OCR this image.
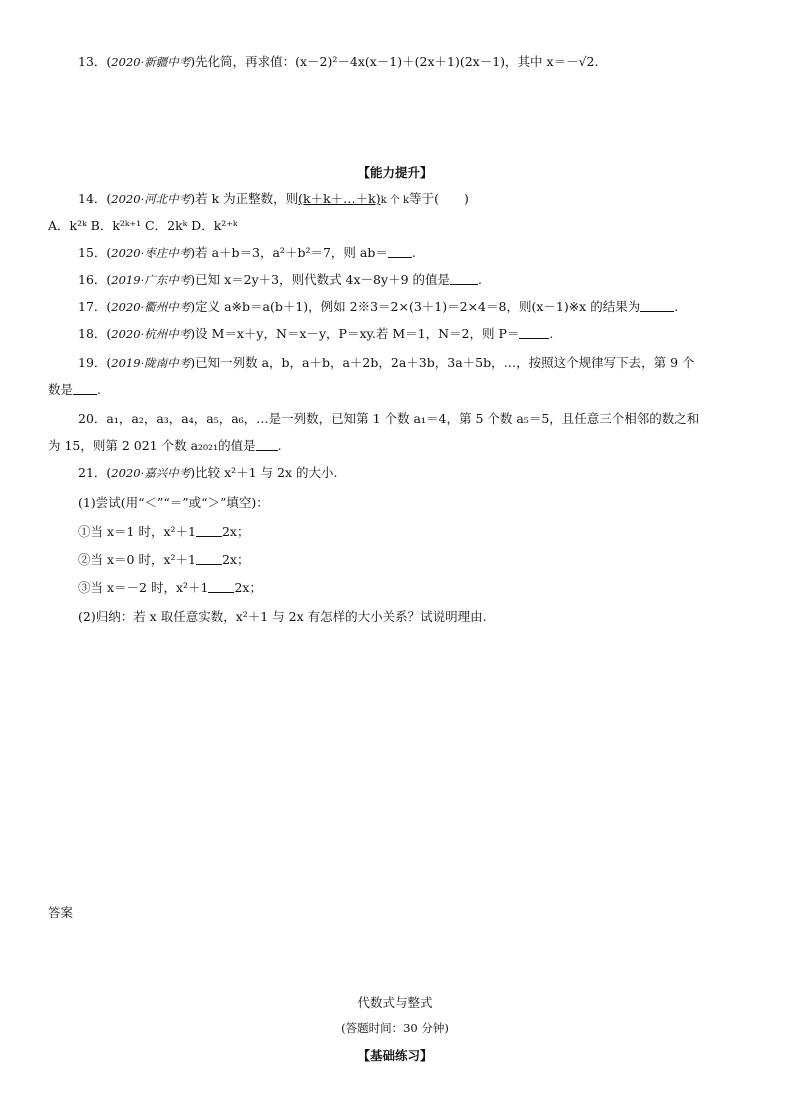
13．(2020·新疆中考)先化简，再求值：(x－2)²－4x(x－1)＋(2x＋1)(2x－1)，其中 x＝－√2.
【能力提升】
14．(2020·河北中考)若 k 为正整数，则(k＋k＋…＋k)k 个 k等于(　　)
A．k²ᵏ B．k²ᵏ⁺¹ C．2kᵏ D．k²⁺ᵏ
15．(2020·枣庄中考)若 a＋b＝3，a²＋b²＝7，则 ab＝ .
16．(2019·广东中考)已知 x＝2y＋3，则代数式 4x－8y＋9 的值是 .
17．(2020·衢州中考)定义 a※b＝a(b＋1)，例如 2※3＝2×(3＋1)＝2×4＝8，则(x－1)※x 的结果为	.
18．(2020·杭州中考)设 M＝x＋y，N＝x－y，P＝xy.若 M＝1，N＝2，则 P＝ .
19．(2019·陇南中考)已知一列数 a，b，a＋b，a＋2b，2a＋3b，3a＋5b，…，按照这个规律写下去，第 9 个
数是 .
20．a₁，a₂，a₃，a₄，a₅，a₆，…是一列数，已知第 1 个数 a₁＝4，第 5 个数 a₅＝5，且任意三个相邻的数之和
为 15，则第 2 021 个数 a₂₀₂₁的值是 .
21．(2020·嘉兴中考)比较 x²＋1 与 2x 的大小.
(1)尝试(用“＜”“＝”或“＞”填空)：
①当 x＝1 时，x²＋1 2x；
②当 x＝0 时，x²＋1 2x；
③当 x＝－2 时，x²＋1 2x；
(2)归纳：若 x 取任意实数，x²＋1 与 2x 有怎样的大小关系？试说明理由.
答案
代数式与整式
(答题时间：30 分钟)
【基础练习】
